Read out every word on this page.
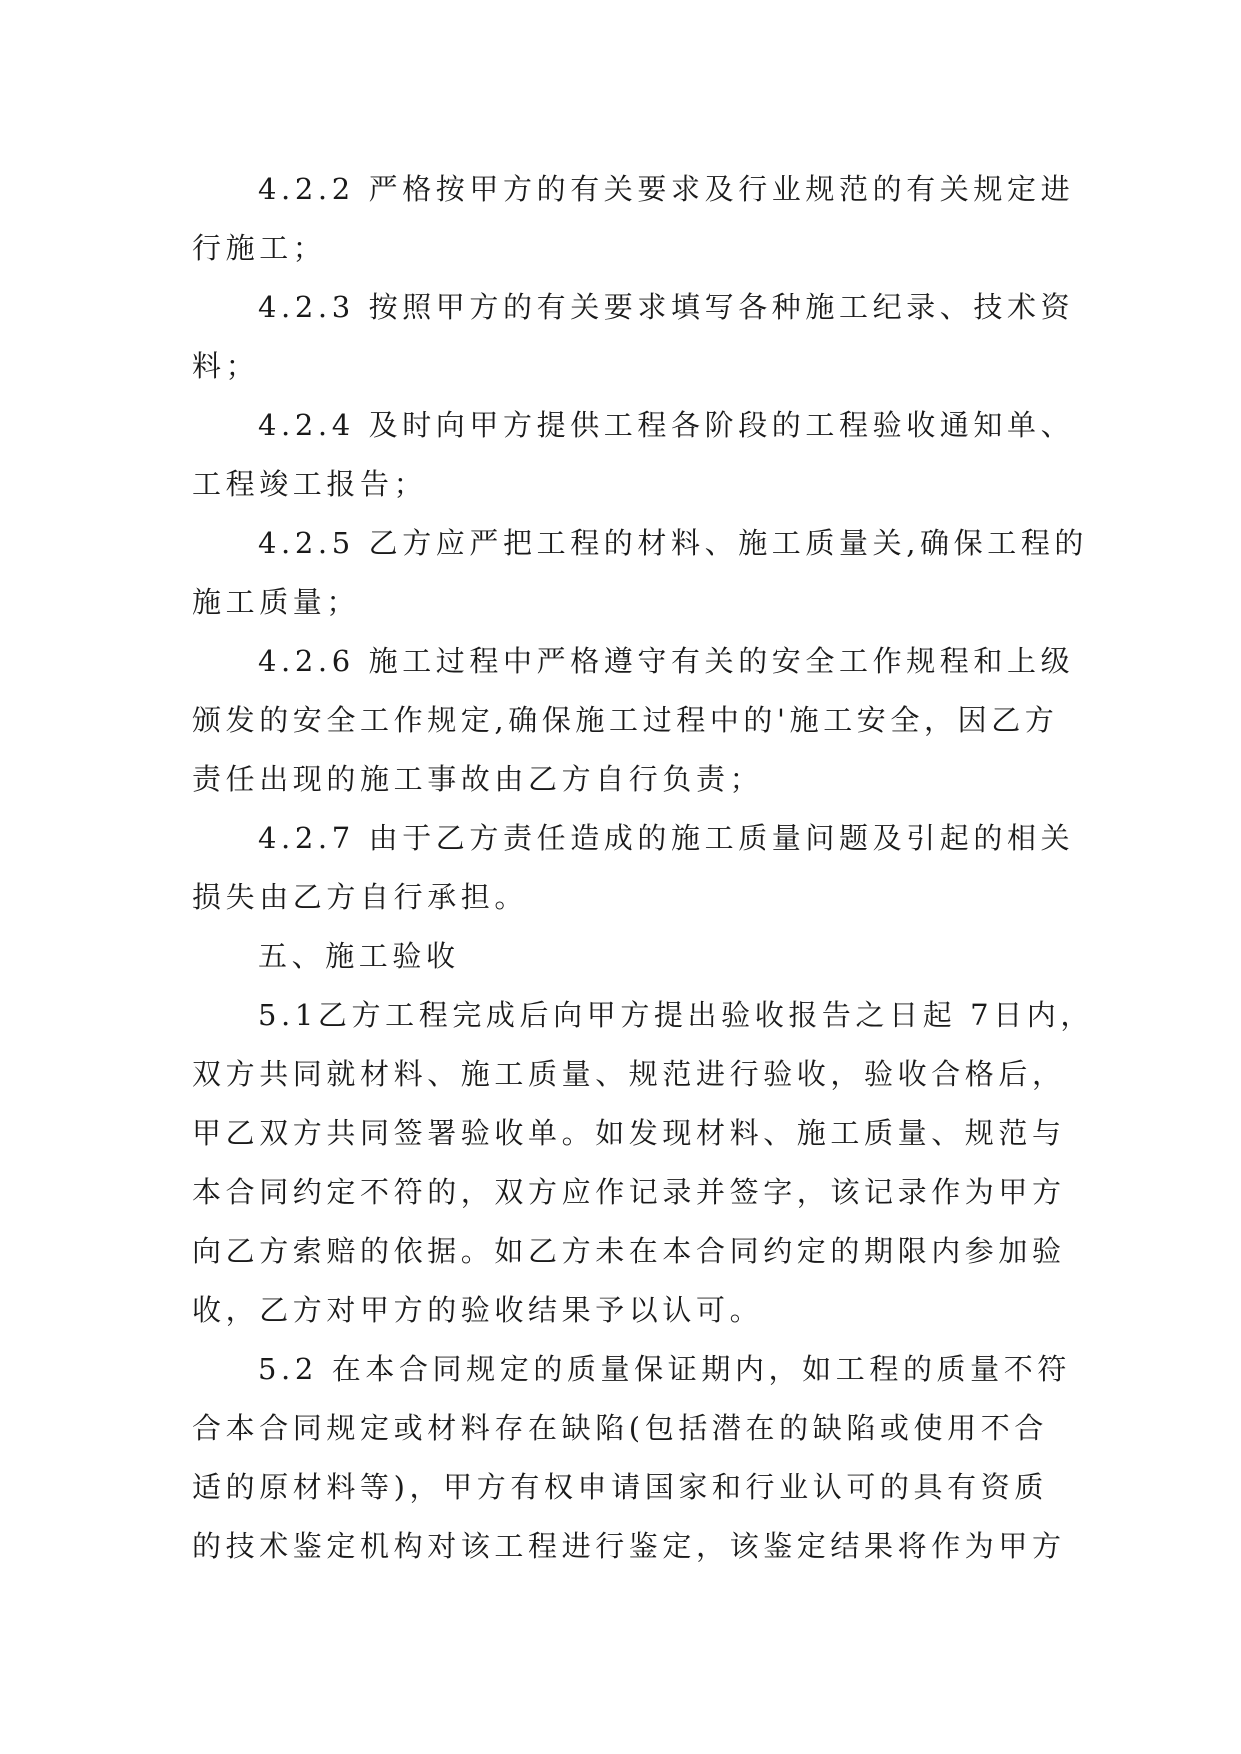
4.2.2 严格按甲方的有关要求及行业规范的有关规定进
行施工；

4.2.3 按照甲方的有关要求填写各种施工纪录、技术资
料；

4.2.4 及时向甲方提供工程各阶段的工程验收通知单、
工程竣工报告；

4.2.5 乙方应严把工程的材料、施工质量关,确保工程的
施工质量；

4.2.6 施工过程中严格遵守有关的安全工作规程和上级
颁发的安全工作规定,确保施工过程中的'施工安全，因乙方
责任出现的施工事故由乙方自行负责；

4.2.7 由于乙方责任造成的施工质量问题及引起的相关
损失由乙方自行承担。

五、施工验收

5.1乙方工程完成后向甲方提出验收报告之日起 7日内，
双方共同就材料、施工质量、规范进行验收，验收合格后，
甲乙双方共同签署验收单。如发现材料、施工质量、规范与
本合同约定不符的，双方应作记录并签字，该记录作为甲方
向乙方索赔的依据。如乙方未在本合同约定的期限内参加验
收，乙方对甲方的验收结果予以认可。

5.2 在本合同规定的质量保证期内，如工程的质量不符
合本合同规定或材料存在缺陷(包括潜在的缺陷或使用不合
适的原材料等)，甲方有权申请国家和行业认可的具有资质
的技术鉴定机构对该工程进行鉴定，该鉴定结果将作为甲方
